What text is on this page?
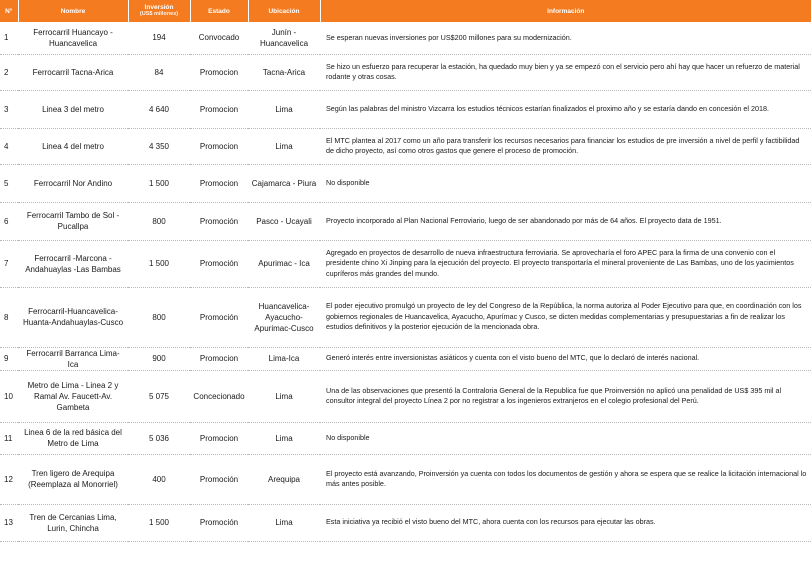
N°	Nombre	Inversión
(US$ millones)	Estado	Ubicación	Información
1	Ferrocarril Huancayo - Huancavelica	194	Convocado	Junín - Huancavelica	Se esperan nuevas inversiones por US$200 millones para su modernización.
2	Ferrocarril Tacna-Arica	84	Promocion	Tacna-Arica	Se hizo un esfuerzo para recuperar la estación, ha quedado muy bien y ya se empezó con el servicio pero ahí hay que hacer un refuerzo de material rodante y otras cosas.
3	Linea 3 del metro	4 640	Promocion	Lima	Según las palabras del ministro Vizcarra los estudios técnicos estarían finalizados el proximo año y se estaría dando en concesión el 2018.
4	Linea 4 del metro	4 350	Promocion	Lima	El MTC plantea al 2017 como un año para transferir los recursos necesarios para financiar los estudios de pre inversión a nivel de perfil y factibilidad de dicho proyecto, así como otros gastos que genere el proceso de promoción.
5	Ferrocarril Nor Andino	1 500	Promocion	Cajamarca - Piura	No disponible
6	Ferrocarril Tambo de Sol - Pucallpa	800	Promoción	Pasco - Ucayali	Proyecto incorporado al Plan Nacional Ferroviario, luego de ser abandonado por más de 64 años. El proyecto data de 1951.
7	Ferrocarril -Marcona - Andahuaylas -Las Bambas	1 500	Promoción	Apurimac - Ica	Agregado en proyectos de desarrollo de nueva infraestructura ferroviaria. Se aprovecharía el foro APEC para la firma de una convenio con el presidente chino Xi Jinping para la ejecución del proyecto. El proyecto transportaría el mineral proveniente de Las Bambas, uno de los yacimientos cupríferos más grandes del mundo.
8	Ferrocarril-Huancavelica-Huanta-Andahuaylas-Cusco	800	Promoción	Huancavelica-Ayacucho-Apurimac-Cusco	El poder ejecutivo promulgó un proyecto de ley del Congreso de la República, la norma autoriza al Poder Ejecutivo para que, en coordinación con los gobiernos regionales de Huancavelica, Ayacucho, Apurímac y Cusco, se dicten medidas complementarias y presupuestarias a fin de realizar los estudios definitivos y la posterior ejecución de la mencionada obra.
9	Ferrocarril Barranca Lima-Ica	900	Promocion	Lima-Ica	Generó interés entre inversionistas asiáticos y cuenta con el visto bueno del MTC, que lo declaró de interés nacional.
10	Metro de Lima - Linea 2 y Ramal Av. Faucett-Av. Gambeta	5 075	Concecionado	Lima	Una de las observaciones que presentó la Contraloria General de la Republica fue que Proinversión no aplicó una penalidad de US$ 395 mil al consultor integral del proyecto Línea 2 por no registrar a los ingenieros extranjeros en el colegio profesional del Perú.
11	Linea 6 de la red básica del Metro de Lima	5 036	Promocion	Lima	No disponible
12	Tren ligero de Arequipa (Reemplaza al Monorriel)	400	Promoción	Arequipa	El proyecto está avanzando, Proinversión ya cuenta con todos los documentos de gestión y ahora se espera que se realice la licitación internacional lo más antes posible.
13	Tren de Cercanias Lima, Lurin, Chincha	1 500	Promoción	Lima	Esta iniciativa ya recibió el visto bueno del MTC, ahora cuenta con los recursos para ejecutar las obras.
